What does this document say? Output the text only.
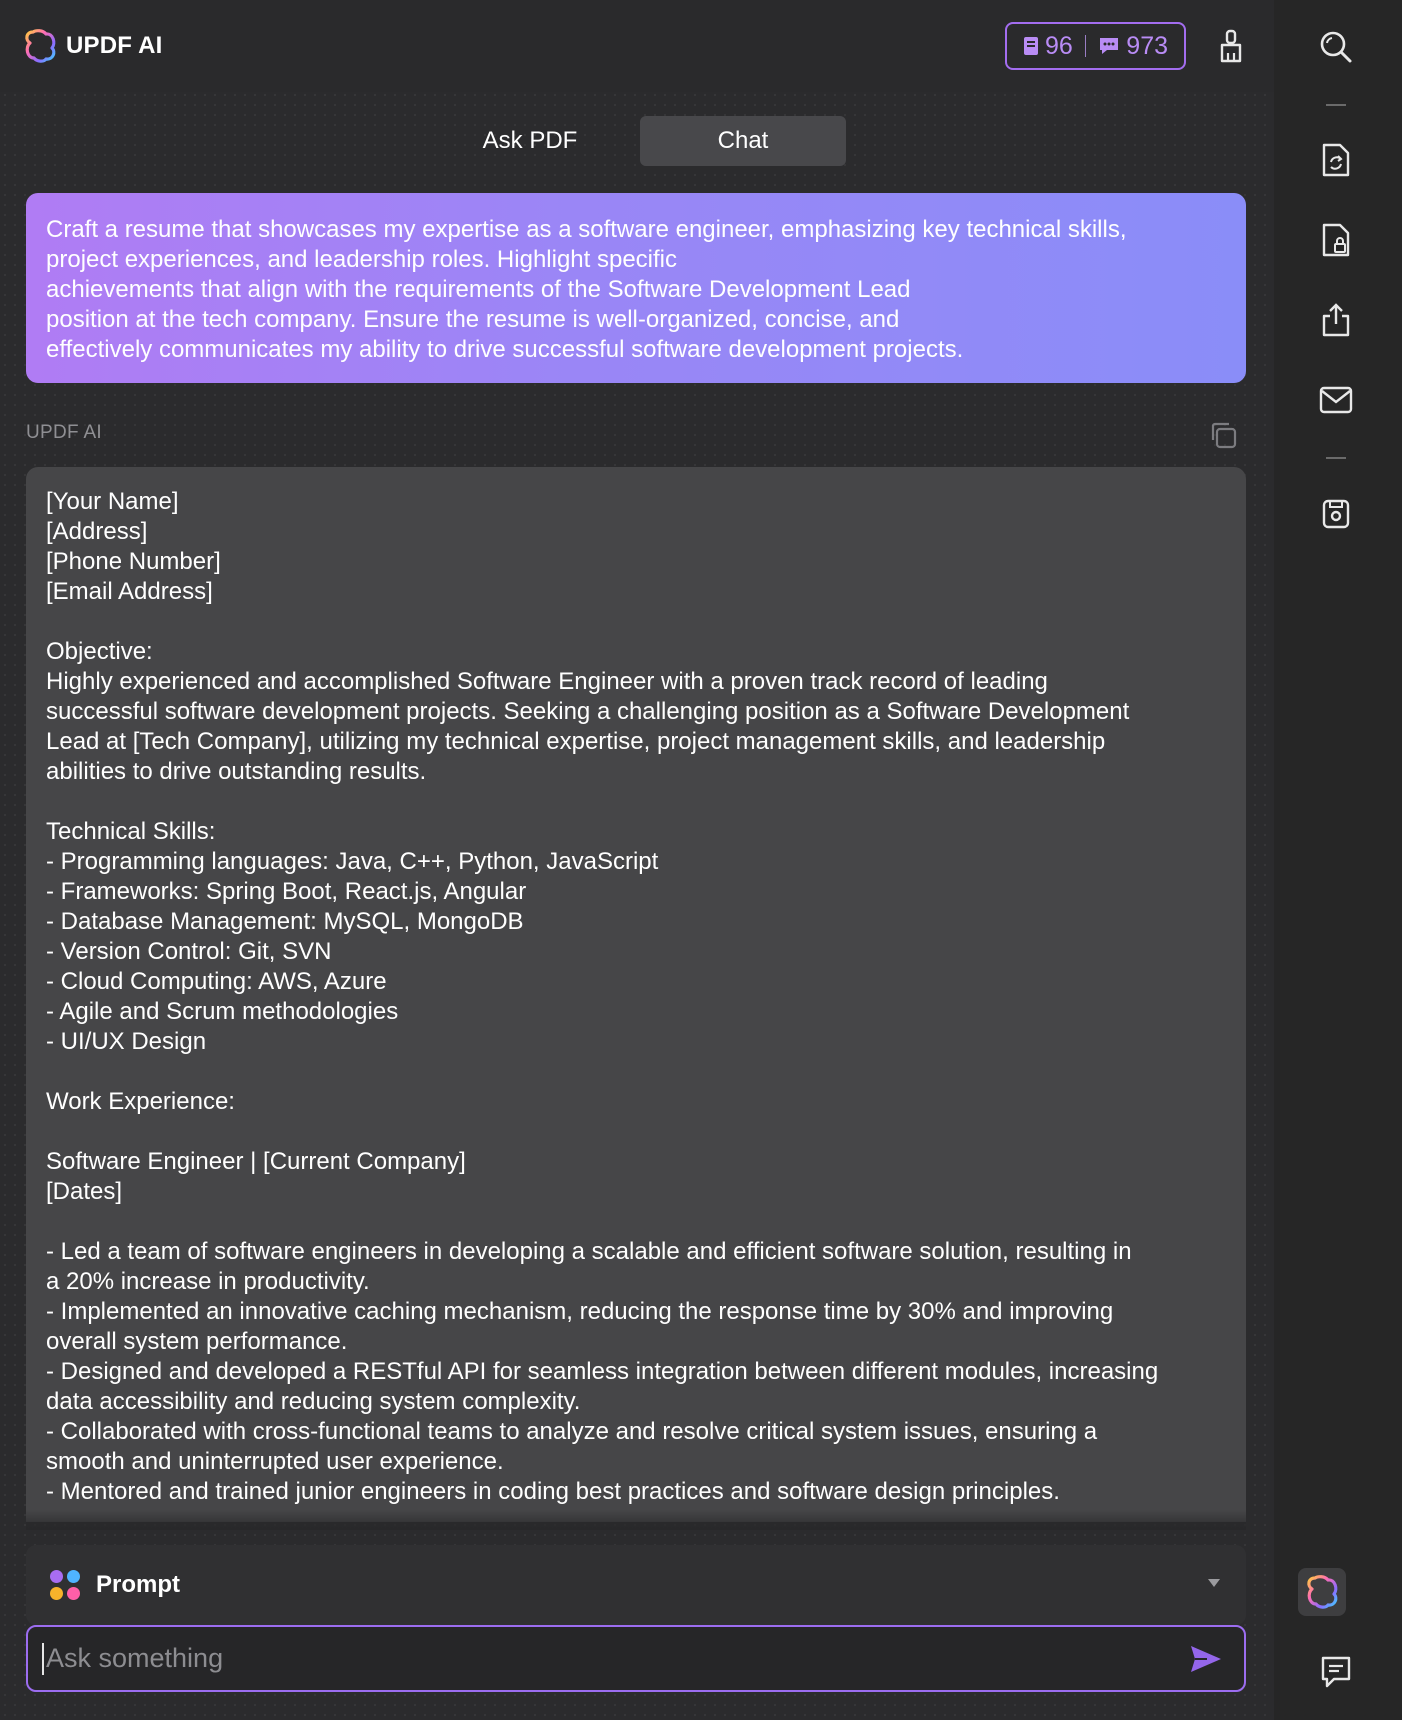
UPDF AI	96 973
Ask PDF	Chat
Craft a resume that showcases my expertise as a software engineer, emphasizing key technical skills,
project experiences, and leadership roles. Highlight specific
achievements that align with the requirements of the Software Development Lead
position at the tech company. Ensure the resume is well-organized, concise, and
effectively communicates my ability to drive successful software development projects.
UPDF AI

[Your Name]
[Address]
[Phone Number]
[Email Address]

Objective:
Highly experienced and accomplished Software Engineer with a proven track record of leading
successful software development projects. Seeking a challenging position as a Software Development
Lead at [Tech Company], utilizing my technical expertise, project management skills, and leadership
abilities to drive outstanding results.

Technical Skills:
- Programming languages: Java, C++, Python, JavaScript
- Frameworks: Spring Boot, React.js, Angular
- Database Management: MySQL, MongoDB
- Version Control: Git, SVN
- Cloud Computing: AWS, Azure
- Agile and Scrum methodologies
- UI/UX Design

Work Experience:

Software Engineer | [Current Company]
[Dates]

- Led a team of software engineers in developing a scalable and efficient software solution, resulting in
a 20% increase in productivity.
- Implemented an innovative caching mechanism, reducing the response time by 30% and improving
overall system performance.
- Designed and developed a RESTful API for seamless integration between different modules, increasing
data accessibility and reducing system complexity.
- Collaborated with cross-functional teams to analyze and resolve critical system issues, ensuring a
smooth and uninterrupted user experience.
- Mentored and trained junior engineers in coding best practices and software design principles.

Prompt
Ask something
